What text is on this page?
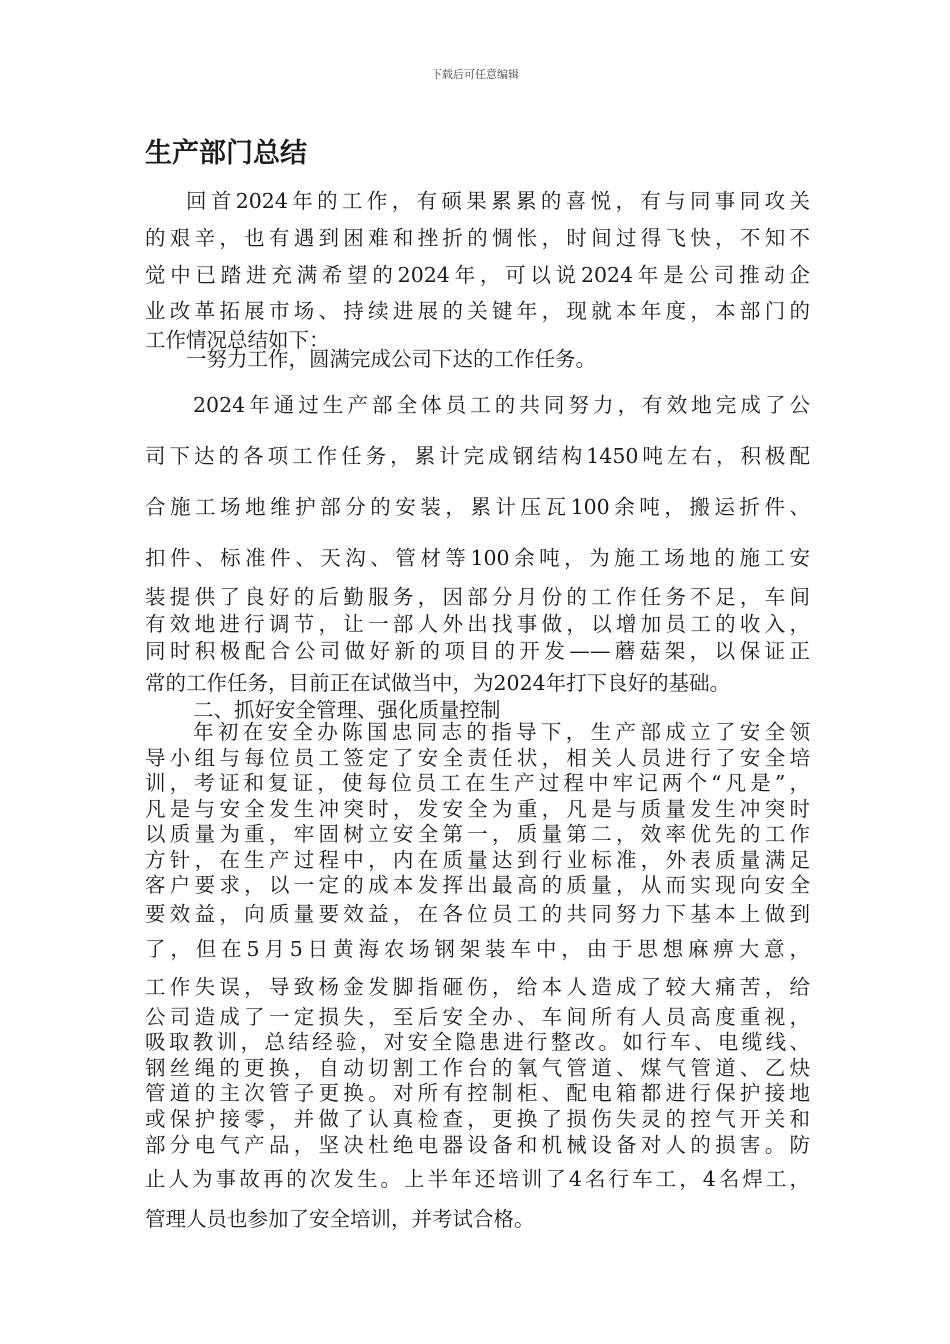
下载后可任意编辑
生产部门总结
回首2024年的工作，有硕果累累的喜悦，有与同事同攻关
的艰辛，也有遇到困难和挫折的惆怅，时间过得飞快，不知不
觉中已踏进充满希望的2024年，可以说2024年是公司推动企
业改革拓展市场、持续进展的关键年，现就本年度，本部门的
工作情况总结如下：
一努力工作，圆满完成公司下达的工作任务。
2024年通过生产部全体员工的共同努力，有效地完成了公
司下达的各项工作任务，累计完成钢结构1450吨左右，积极配
合施工场地维护部分的安装，累计压瓦100余吨，搬运折件、
扣件、标准件、天沟、管材等100余吨，为施工场地的施工安
装提供了良好的后勤服务，因部分月份的工作任务不足，车间
有效地进行调节，让一部人外出找事做，以增加员工的收入，
同时积极配合公司做好新的项目的开发——蘑菇架，以保证正
常的工作任务，目前正在试做当中，为2024年打下良好的基础。
二、抓好安全管理、强化质量控制
年初在安全办陈国忠同志的指导下，生产部成立了安全领
导小组与每位员工签定了安全责任状，相关人员进行了安全培
训，考证和复证，使每位员工在生产过程中牢记两个“凡是”，
凡是与安全发生冲突时，发安全为重，凡是与质量发生冲突时
以质量为重，牢固树立安全第一，质量第二，效率优先的工作
方针，在生产过程中，内在质量达到行业标准，外表质量满足
客户要求，以一定的成本发挥出最高的质量，从而实现向安全
要效益，向质量要效益，在各位员工的共同努力下基本上做到
了，但在5月5日黄海农场钢架装车中，由于思想麻痹大意，
工作失误，导致杨金发脚指砸伤，给本人造成了较大痛苦，给
公司造成了一定损失，至后安全办、车间所有人员高度重视，
吸取教训，总结经验，对安全隐患进行整改。如行车、电缆线、
钢丝绳的更换，自动切割工作台的氧气管道、煤气管道、乙炔
管道的主次管子更换。对所有控制柜、配电箱都进行保护接地
或保护接零，并做了认真检查，更换了损伤失灵的控气开关和
部分电气产品，坚决杜绝电器设备和机械设备对人的损害。防
止人为事故再的次发生。上半年还培训了4名行车工，4名焊工，
管理人员也参加了安全培训，并考试合格。
